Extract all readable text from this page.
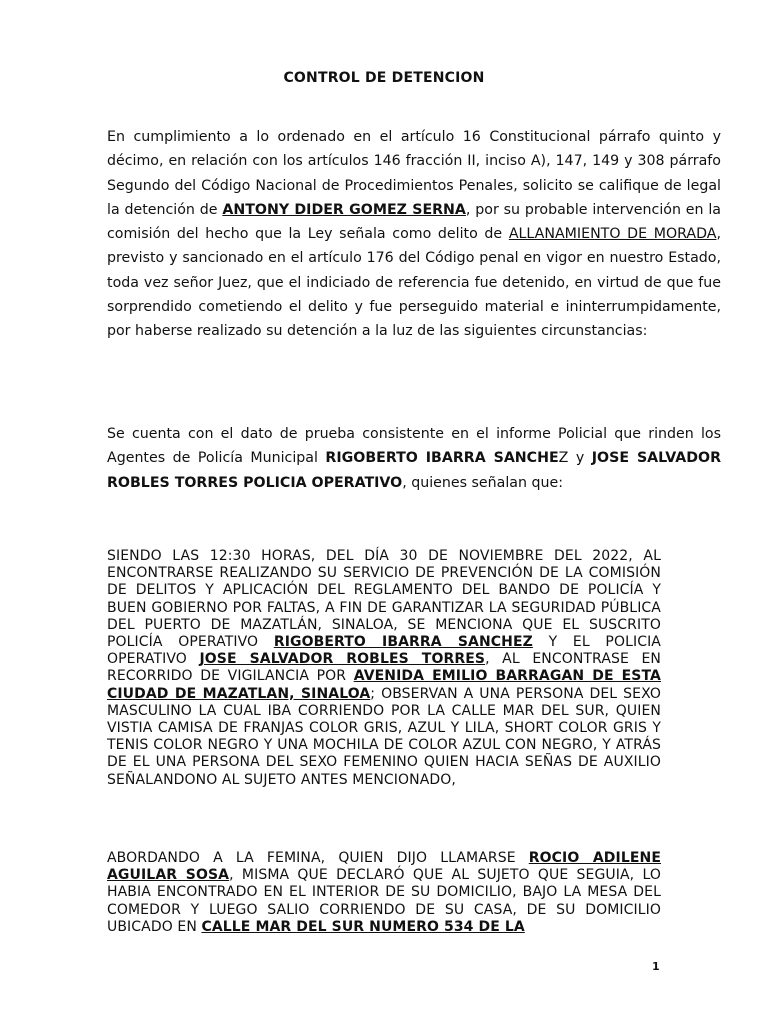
CONTROL DE DETENCION

En cumplimiento a lo ordenado en el artículo 16 Constitucional párrafo quinto y décimo, en relación con los artículos 146 fracción II, inciso A), 147, 149 y 308 párrafo Segundo del Código Nacional de Procedimientos Penales, solicito se califique de legal la detención de ANTONY DIDER GOMEZ SERNA, por su probable intervención en la comisión del hecho que la Ley señala como delito de ALLANAMIENTO DE MORADA, previsto y sancionado en el artículo 176 del Código penal en vigor en nuestro Estado, toda vez señor Juez, que el indiciado de referencia fue detenido, en virtud de que fue sorprendido cometiendo el delito y fue perseguido material e ininterrumpidamente, por haberse realizado su detención a la luz de las siguientes circunstancias:

Se cuenta con el dato de prueba consistente en el informe Policial que rinden los Agentes de Policía Municipal RIGOBERTO IBARRA SANCHEZ y JOSE SALVADOR ROBLES TORRES POLICIA OPERATIVO, quienes señalan que:

SIENDO LAS 12:30 HORAS, DEL DÍA 30 DE NOVIEMBRE DEL 2022, AL ENCONTRARSE REALIZANDO SU SERVICIO DE PREVENCIÓN DE LA COMISIÓN DE DELITOS Y APLICACIÓN DEL REGLAMENTO DEL BANDO DE POLICÍA Y BUEN GOBIERNO POR FALTAS, A FIN DE GARANTIZAR LA SEGURIDAD PÚBLICA DEL PUERTO DE MAZATLÁN, SINALOA, SE MENCIONA QUE EL SUSCRITO POLICÍA OPERATIVO RIGOBERTO IBARRA SANCHEZ Y EL POLICIA OPERATIVO JOSE SALVADOR ROBLES TORRES, AL ENCONTRASE EN RECORRIDO DE VIGILANCIA POR AVENIDA EMILIO BARRAGAN DE ESTA CIUDAD DE MAZATLAN, SINALOA; OBSERVAN A UNA PERSONA DEL SEXO MASCULINO LA CUAL IBA CORRIENDO POR LA CALLE MAR DEL SUR, QUIEN VISTIA CAMISA DE FRANJAS COLOR GRIS, AZUL Y LILA, SHORT COLOR GRIS Y TENIS COLOR NEGRO Y UNA MOCHILA DE COLOR AZUL CON NEGRO, Y ATRÁS DE EL UNA PERSONA DEL SEXO FEMENINO QUIEN HACIA SEÑAS DE AUXILIO SEÑALANDONO AL SUJETO ANTES MENCIONADO,

ABORDANDO A LA FEMINA, QUIEN DIJO LLAMARSE ROCIO ADILENE AGUILAR SOSA, MISMA QUE DECLARÓ QUE AL SUJETO QUE SEGUIA, LO HABIA ENCONTRADO EN EL INTERIOR DE SU DOMICILIO, BAJO LA MESA DEL COMEDOR Y LUEGO SALIO CORRIENDO DE SU CASA, DE SU DOMICILIO UBICADO EN CALLE MAR DEL SUR NUMERO 534 DE LA

1
